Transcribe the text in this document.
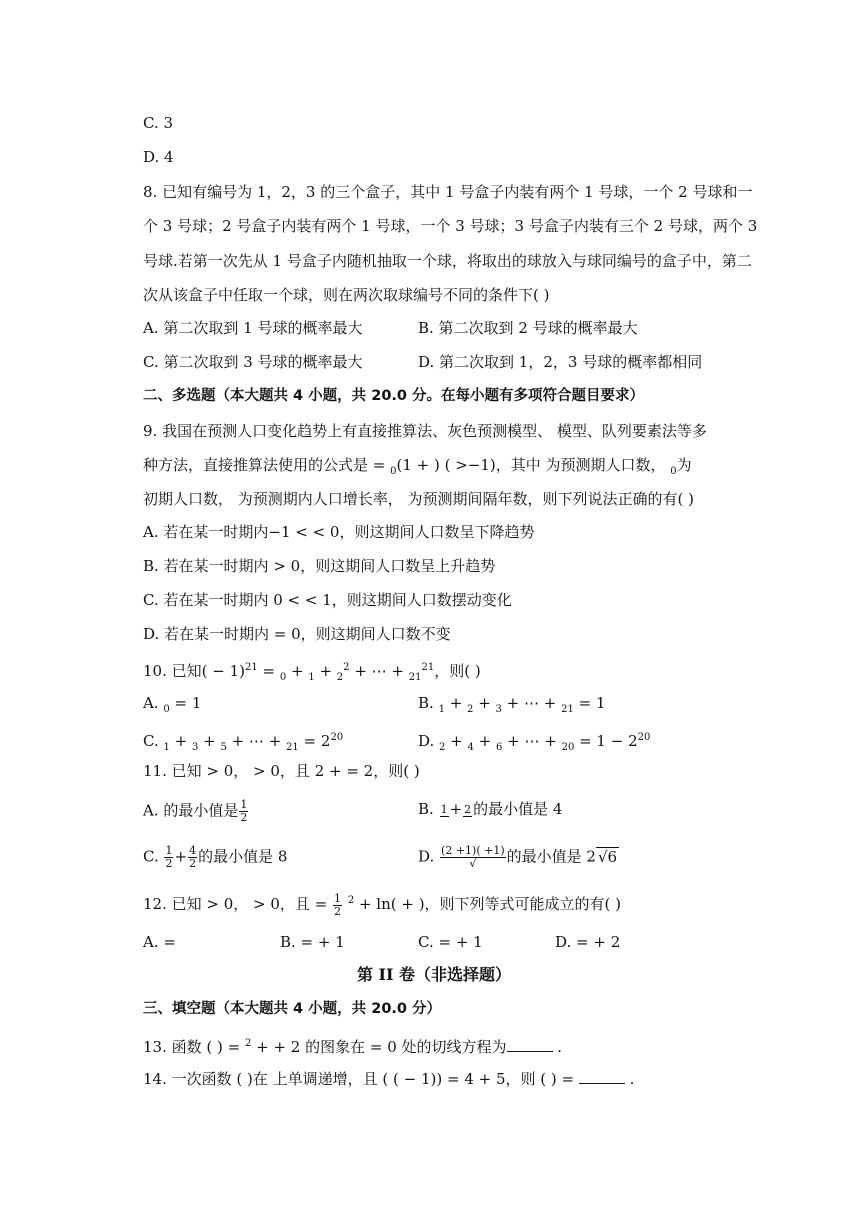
C. 3
D. 4
8. 已知有编号为 1，2，3 的三个盒子，其中 1 号盒子内装有两个 1 号球，一个 2 号球和一
个 3 号球；2 号盒子内装有两个 1 号球，一个 3 号球；3 号盒子内装有三个 2 号球，两个 3
号球.若第一次先从 1 号盒子内随机抽取一个球，将取出的球放入与球同编号的盒子中，第二
次从该盒子中任取一个球，则在两次取球编号不同的条件下( )
A. 第二次取到 1 号球的概率最大	B. 第二次取到 2 号球的概率最大
C. 第二次取到 3 号球的概率最大	D. 第二次取到 1，2，3 号球的概率都相同
二、多选题（本大题共 4 小题，共 20.0 分。在每小题有多项符合题目要求）
9. 我国在预测人口变化趋势上有直接推算法、灰色预测模型、 模型、队列要素法等多
种方法，直接推算法使用的公式是 = $_0$(1 + ) ( >−1)，其中 为预测期人口数， $_0$为
初期人口数， 为预测期内人口增长率， 为预测期间隔年数，则下列说法正确的有( )
A. 若在某一时期内−1 < < 0，则这期间人口数呈下降趋势
B. 若在某一时期内 > 0，则这期间人口数呈上升趋势
C. 若在某一时期内 0 < < 1，则这期间人口数摆动变化
D. 若在某一时期内 = 0，则这期间人口数不变
10. 已知( − 1)$^{21}$ = $_0$ + $_1$ + $_2^2$ + ⋯ + $_{21}^{21}$，则( )
A. $_0$ = 1	B. $_1$ + $_2$ + $_3$ + ⋯ + $_{21}$ = 1
C. $_1$ + $_3$ + $_5$ + ⋯ + $_{21} = 2^{20}$	D. $_2$ + $_4$ + $_6$ + ⋯ + $_{20} = 1 - 2^{20}$
11. 已知 > 0， > 0，且 2 + = 2，则( )
A. 的最小值是 $\frac{1}{2}$	B. 1 + 2 的最小值是 4
C. $\frac{1}{2} + \frac{4}{2}$ 的最小值是 8	D. $\frac{(2 +1)( +1)}{√}$ 的最小值是 2 √6
12. 已知 > 0， > 0，且 = $\frac{1}{2} ^2 + \ln$( + )，则下列等式可能成立的有( )
A. =	B. = + 1	C. = + 1	D. = + 2
第 II 卷（非选择题）
三、填空题（本大题共 4 小题，共 20.0 分）
13. 函数 ( ) = $^2$ + + 2 的图象在 = 0 处的切线方程为	.
14. 一次函数 ( )在 上单调递增，且 ( ( − 1)) = 4 + 5，则 ( ) =	.
